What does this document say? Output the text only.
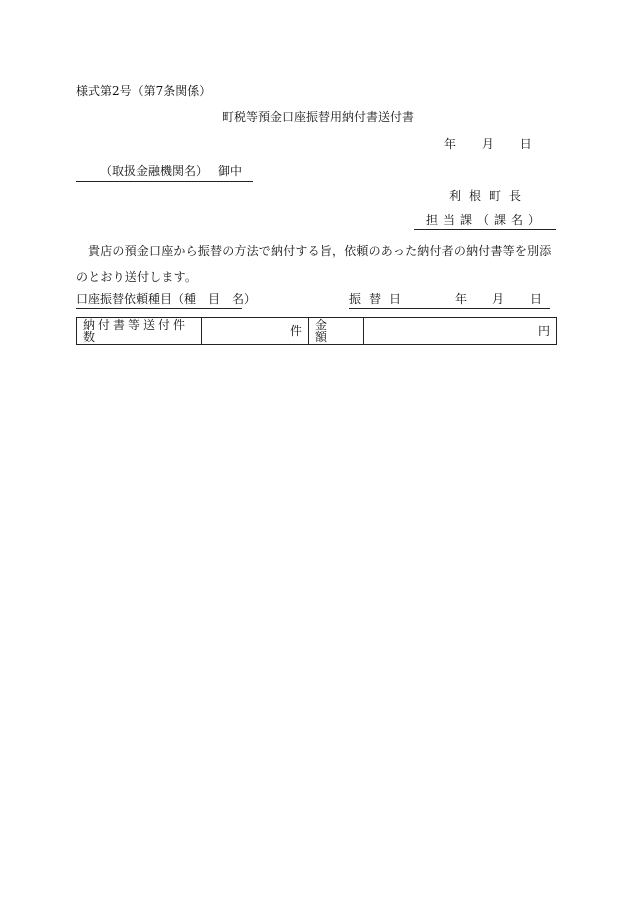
様式第2号（第7条関係）
町税等預金口座振替用納付書送付書
年 月 日
（取扱金融機関名） 御中
利根町長
担当課（課名）
貴店の預金口座から振替の方法で納付する旨，依頼のあった納付者の納付書等を別添のとおり送付します。
口座振替依頼種目（種　目　名）	振替日	年 月 日
納付書等送付件数	件	金額	円
